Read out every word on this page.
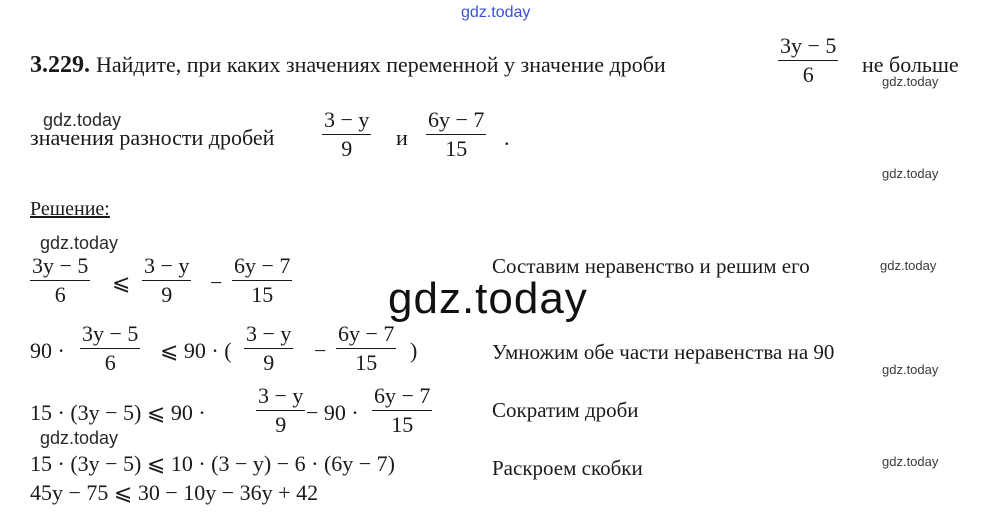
gdz.today
gdz.today
gdz.today
gdz.today
gdz.today
gdz.today
gdz.today
gdz.today
gdz.today
gdz.today
3.229. Найдите, при каких значениях переменной y значение дроби
3y − 5
6 не больше
значения разности дробей
3 − y
9 и
6y − 7
15 .
Решение:
3y − 5
6 ⩽
3 − y
9 −
6y − 7
15
Составим неравенство и решим его
90 ·
3y − 5
6 ⩽ 90 · (
3 − y
9 −
6y − 7
15 )	Умножим обе части неравенства на 90
15 · (3y − 5) ⩽ 90 ·
3 − y
9 − 90 ·
6y − 7
15
Сократим дроби
15 · (3y − 5) ⩽ 10 · (3 − y) − 6 · (6y − 7)	Раскроем скобки
45y − 75 ⩽ 30 − 10y − 36y + 42
